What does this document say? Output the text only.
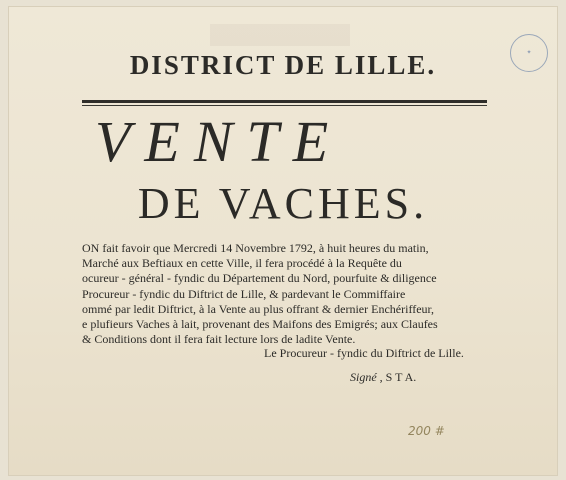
✦
DISTRICT DE LILLE.
VENTE
DE VACHES.
ON fait favoir que Mercredi 14 Novembre 1792, à huit heures du matin,
Marché aux Beftiaux en cette Ville, il fera procédé à la Requête du
ocureur - général - fyndic du Département du Nord, pourfuite & diligence
Procureur - fyndic du Diftrict de Lille, & pardevant le Commiffaire
ommé par ledit Diftrict, à la Vente au plus offrant & dernier Enchériffeur,
e plufieurs Vaches à lait, provenant des Maifons des Emigrés; aux Claufes
& Conditions dont il fera fait lecture lors de ladite Vente.
Le Procureur - fyndic du Diftrict de Lille.
Signé , S T A.
200 #
